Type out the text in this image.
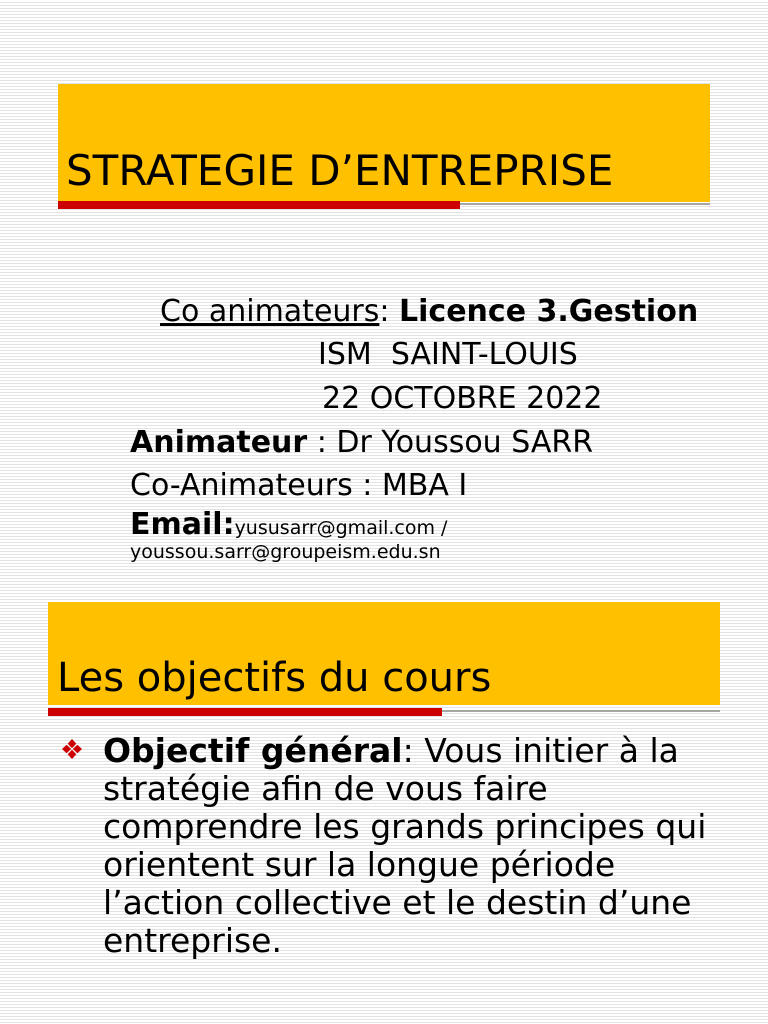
STRATEGIE D’ENTREPRISE
Co animateurs: Licence 3.Gestion
ISM  SAINT-LOUIS
22 OCTOBRE 2022
Animateur : Dr Youssou SARR
Co-Animateurs : MBA I
Email:yususarr@gmail.com /
youssou.sarr@groupeism.edu.sn
Les objectifs du cours
Objectif général: Vous initier à la
stratégie afin de vous faire
comprendre les grands principes qui
orientent sur la longue période
l’action collective et le destin d’une
entreprise.
